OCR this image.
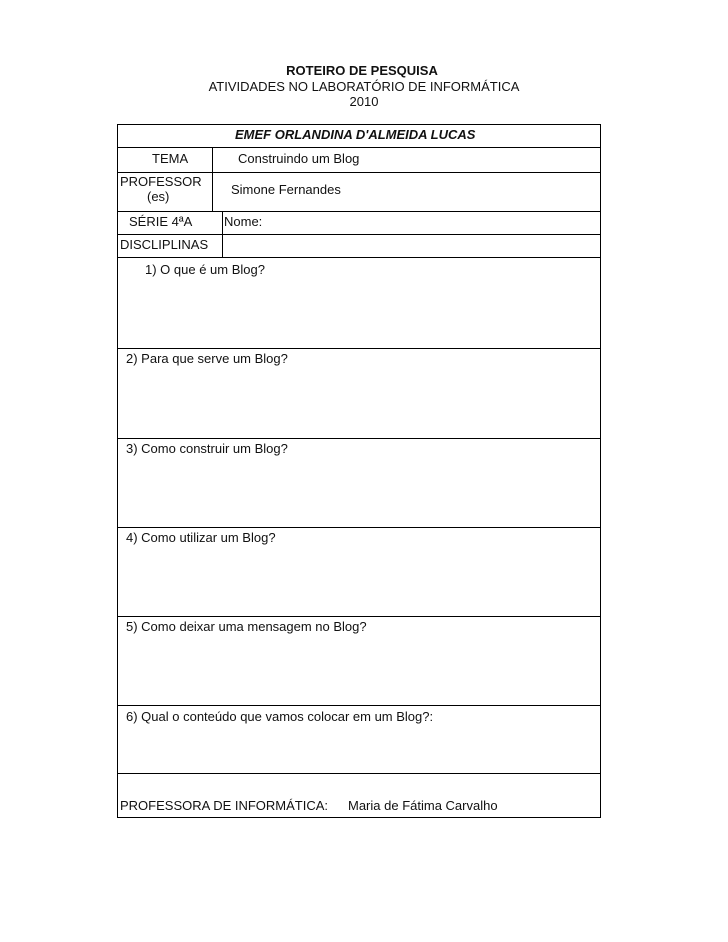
ROTEIRO DE PESQUISA
ATIVIDADES NO LABORATÓRIO DE INFORMÁTICA
2010
EMEF ORLANDINA D'ALMEIDA LUCAS
TEMA	Construindo um Blog
PROFESSOR
(es)	Simone Fernandes
SÉRIE 4ªA Nome:
DISCLIPLINAS
1) O que é um Blog?
2) Para que serve um Blog?
3) Como construir um Blog?
4) Como utilizar um Blog?
5) Como deixar uma mensagem no Blog?
6) Qual o conteúdo que vamos colocar em um Blog?:
PROFESSORA DE INFORMÁTICA: Maria de Fátima Carvalho
